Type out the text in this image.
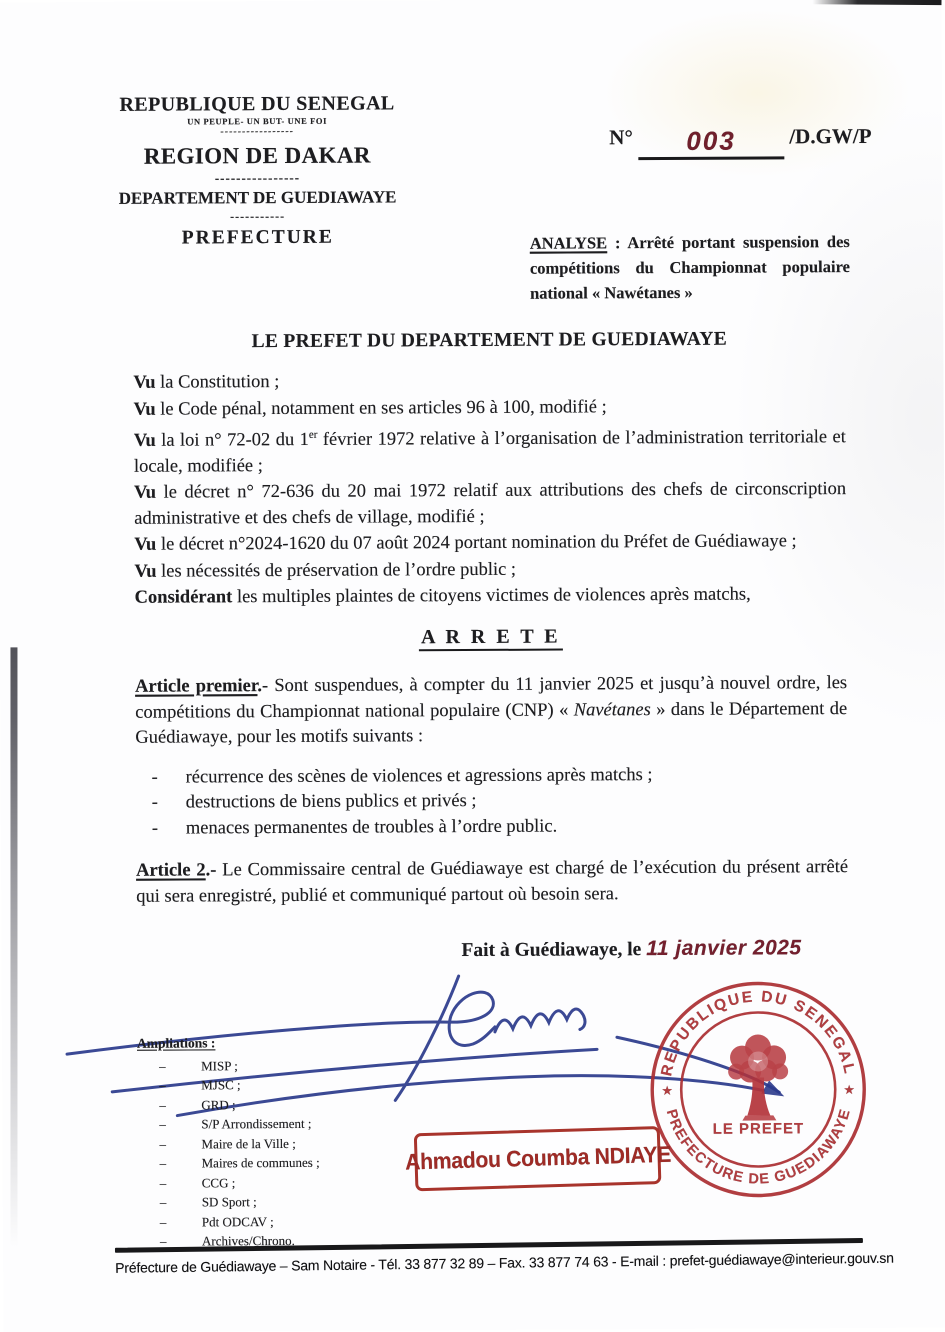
REPUBLIQUE DU SENEGAL
UN PEUPLE- UN BUT- UNE FOI
-----------------
REGION DE DAKAR
----------------
DEPARTEMENT DE GUEDIAWAYE
-----------
PREFECTURE
N° 003	/D.GW/P
ANALYSE : Arrêté portant suspension des compétitions du Championnat populaire national « Nawétanes »
LE PREFET DU DEPARTEMENT DE GUEDIAWAYE

Vu la Constitution ;

Vu le Code pénal, notamment en ses articles 96 à 100, modifié ;

Vu la loi n° 72-02 du 1er février 1972 relative à l’organisation de l’administration territoriale et locale, modifiée ;

Vu le décret n° 72-636 du 20 mai 1972 relatif aux attributions des chefs de circonscription administrative et des chefs de village, modifié ;

Vu le décret n°2024-1620 du 07 août 2024 portant nomination du Préfet de Guédiawaye ;

Vu les nécessités de préservation de l’ordre public ;

Considérant les multiples plaintes de citoyens victimes de violences après matchs,

A R R E T E

Article premier.- Sont suspendues, à compter du 11 janvier 2025 et jusqu’à nouvel ordre, les compétitions du Championnat national populaire (CNP) « Navétanes » dans le Département de Guédiawaye, pour les motifs suivants :

-	récurrence des scènes de violences et agressions après matchs ;
-	destructions de biens publics et privés ;
-	menaces permanentes de troubles à l’ordre public.

Article 2.- Le Commissaire central de Guédiawaye est chargé de l’exécution du présent arrêté qui sera enregistré, publié et communiqué partout où besoin sera.

Fait à Guédiawaye, le 11 janvier 2025
REPUBLIQUE DU SENEGAL
PREFECTURE DE GUEDIAWAYE
★
★
LE PREFET
Ahmadou Coumba NDIAYE
Ampliations :
–	MISP ;
–	MJSC ;
–	GRD ;
–	S/P Arrondissement ;
–	Maire de la Ville ;
–	Maires de communes ;
–	CCG ;
–	SD Sport ;
–	Pdt ODCAV ;
–	Archives/Chrono.
Préfecture de Guédiawaye – Sam Notaire - Tél. 33 877 32 89 – Fax. 33 877 74 63 - E-mail : prefet-guédiawaye@interieur.gouv.sn
